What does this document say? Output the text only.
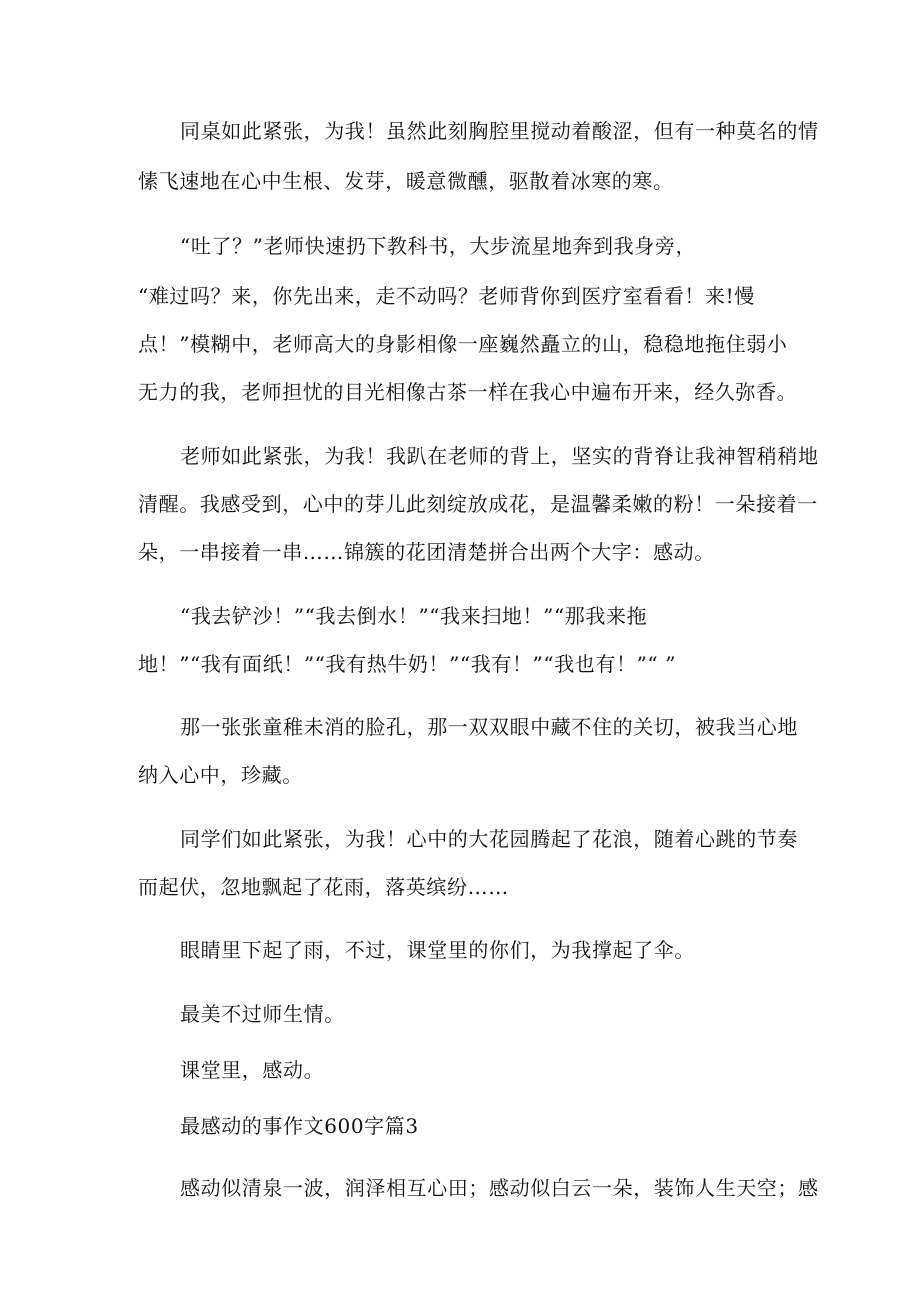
同桌如此紧张，为我！虽然此刻胸腔里搅动着酸涩，但有一种莫名的情
愫飞速地在心中生根、发芽，暖意微醺，驱散着冰寒的寒。
“吐了？”老师快速扔下教科书，大步流星地奔到我身旁，
“难过吗？来，你先出来，走不动吗？老师背你到医疗室看看！来!慢
点！”模糊中，老师高大的身影相像一座巍然矗立的山，稳稳地拖住弱小
无力的我，老师担忧的目光相像古茶一样在我心中遍布开来，经久弥香。
老师如此紧张，为我！我趴在老师的背上，坚实的背脊让我神智稍稍地
清醒。我感受到，心中的芽儿此刻绽放成花，是温馨柔嫩的粉！一朵接着一
朵，一串接着一串……锦簇的花团清楚拼合出两个大字：感动。
“我去铲沙！”“我去倒水！”“我来扫地！”“那我来拖
地！”“我有面纸！”“我有热牛奶！”“我有！”“我也有！”“ ”
那一张张童稚未消的脸孔，那一双双眼中藏不住的关切，被我当心地
纳入心中，珍藏。
同学们如此紧张，为我！心中的大花园腾起了花浪，随着心跳的节奏
而起伏，忽地飘起了花雨，落英缤纷……
眼睛里下起了雨，不过，课堂里的你们，为我撑起了伞。
最美不过师生情。
课堂里，感动。
最感动的事作文600字篇3
感动似清泉一波，润泽相互心田；感动似白云一朵，装饰人生天空；感
